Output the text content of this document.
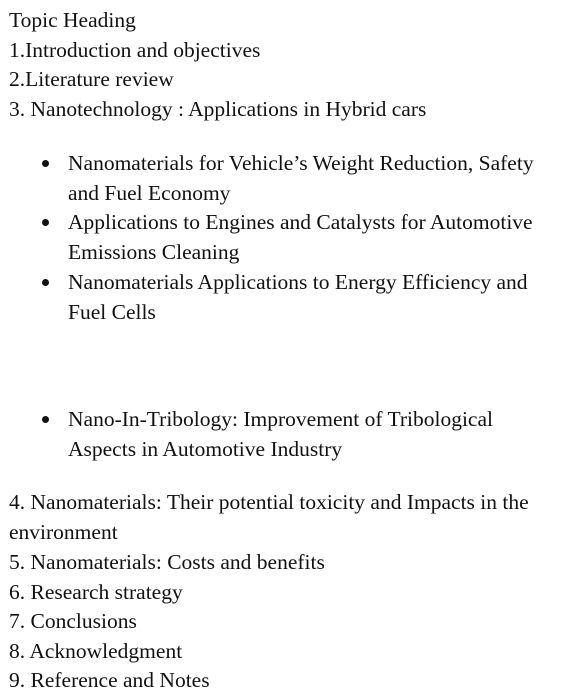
Topic Heading
1.Introduction and objectives
2.Literature review
3. Nanotechnology : Applications in Hybrid cars
Nanomaterials for Vehicle’s Weight Reduction, Safety and Fuel Economy
Applications to Engines and Catalysts for Automotive Emissions Cleaning
Nanomaterials Applications to Energy Efficiency and Fuel Cells
Nano-In-Tribology: Improvement of Tribological Aspects in Automotive Industry
4. Nanomaterials: Their potential toxicity and Impacts in the environment
5. Nanomaterials: Costs and benefits
6. Research strategy
7. Conclusions
8. Acknowledgment
9. Reference and Notes
